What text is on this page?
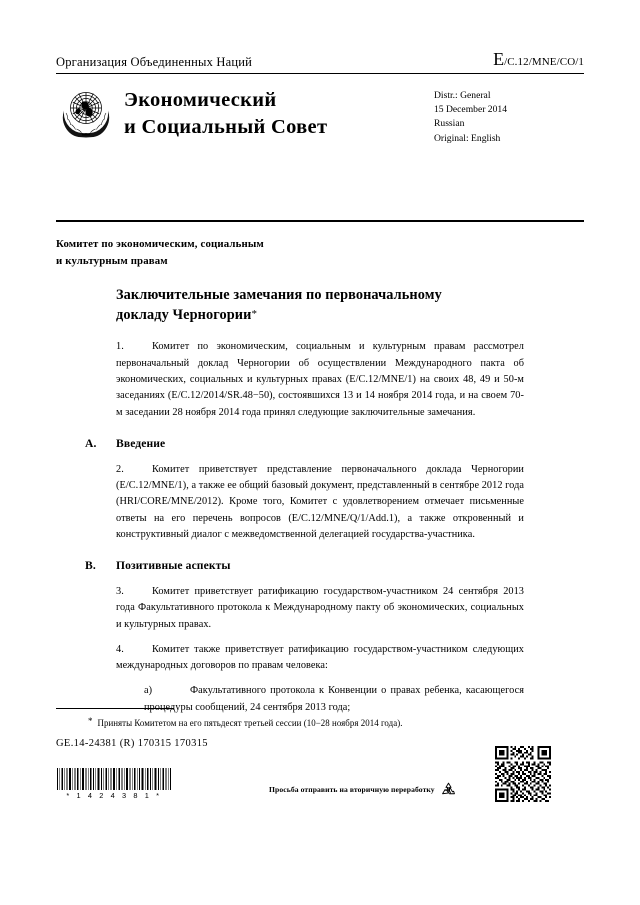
Организация Объединенных Наций	E/C.12/MNE/CO/1
Экономический
и Социальный Совет
Distr.: General
15 December 2014
Russian
Original: English
Комитет по экономическим, социальным
и культурным правам
Заключительные замечания по первоначальному
докладу Черногории*

1.	Комитет по экономическим, социальным и культурным правам рассмотрел первоначальный доклад Черногории об осуществлении Международного пакта об экономических, социальных и культурных правах (E/C.12/MNE/1) на своих 48, 49 и 50-м заседаниях (E/C.12/2014/SR.48−50), состоявшихся 13 и 14 ноября 2014 года, и на своем 70-м заседании 28 ноября 2014 года принял следующие заключительные замечания.

A.	Введение

2.	Комитет приветствует представление первоначального доклада Черногории (E/C.12/MNE/1), а также ее общий базовый документ, представленный в сентябре 2012 года (HRI/CORE/MNE/2012). Кроме того, Комитет с удовлетворением отмечает письменные ответы на его перечень вопросов (E/C.12/MNE/Q/1/Add.1), а также откровенный и конструктивный диалог с межведомственной делегацией государства-участника.

B.	Позитивные аспекты

3.	Комитет приветствует ратификацию государством-участником 24 сентября 2013 года Факультативного протокола к Международному пакту об экономических, социальных и культурных правах.

4.	Комитет также приветствует ратификацию государством-участником следующих международных договоров по правам человека:

a)	Факультативного протокола к Конвенции о правах ребенка, касающегося процедуры сообщений, 24 сентября 2013 года;

* Приняты Комитетом на его пятьдесят третьей сессии (10−28 ноября 2014 года).
GE.14-24381 (R) 170315 170315
* 1 4 2 4 3 8 1 *
Просьба отправить на вторичную переработку
